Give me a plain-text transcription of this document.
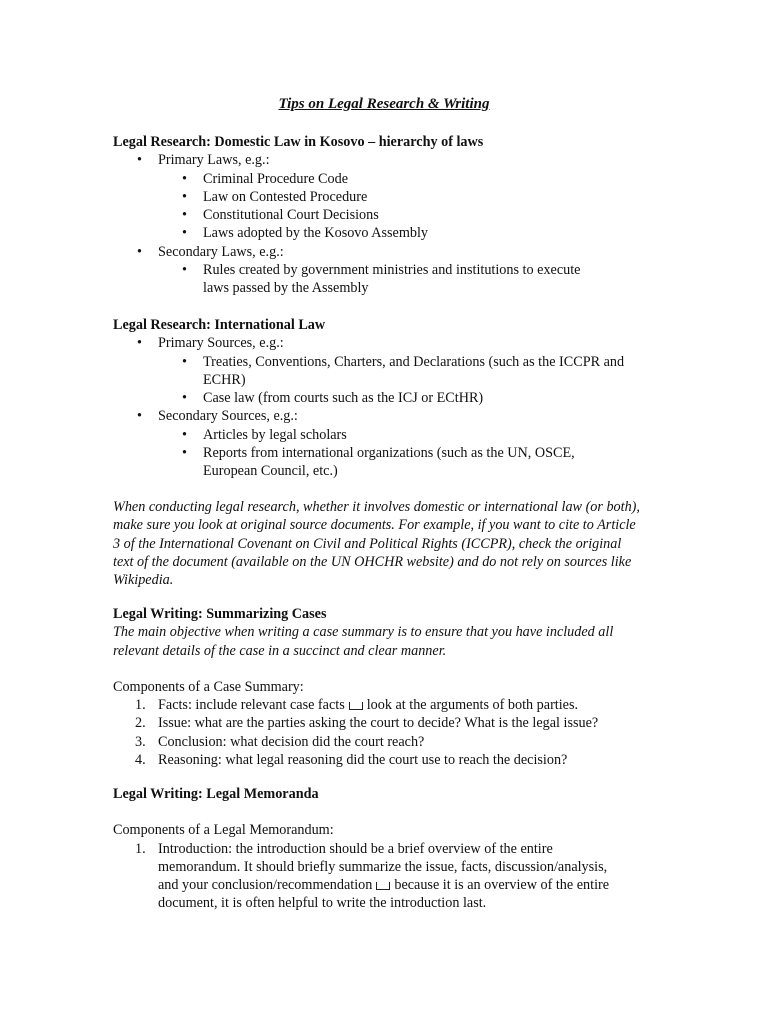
Tips on Legal Research & Writing
Legal Research: Domestic Law in Kosovo – hierarchy of laws
• Primary Laws, e.g.:
• Criminal Procedure Code
• Law on Contested Procedure
• Constitutional Court Decisions
• Laws adopted by the Kosovo Assembly
• Secondary Laws, e.g.:
• Rules created by government ministries and institutions to execute laws passed by the Assembly
Legal Research: International Law
• Primary Sources, e.g.:
• Treaties, Conventions, Charters, and Declarations (such as the ICCPR and ECHR)
• Case law (from courts such as the ICJ or ECtHR)
• Secondary Sources, e.g.:
• Articles by legal scholars
• Reports from international organizations (such as the UN, OSCE, European Council, etc.)
When conducting legal research, whether it involves domestic or international law (or both), make sure you look at original source documents. For example, if you want to cite to Article 3 of the International Covenant on Civil and Political Rights (ICCPR), check the original text of the document (available on the UN OHCHR website) and do not rely on sources like Wikipedia.
Legal Writing: Summarizing Cases
The main objective when writing a case summary is to ensure that you have included all relevant details of the case in a succinct and clear manner.
Components of a Case Summary:
1. Facts: include relevant case facts look at the arguments of both parties.
2. Issue: what are the parties asking the court to decide? What is the legal issue?
3. Conclusion: what decision did the court reach?
4. Reasoning: what legal reasoning did the court use to reach the decision?
Legal Writing: Legal Memoranda
Components of a Legal Memorandum:
1. Introduction: the introduction should be a brief overview of the entire memorandum. It should briefly summarize the issue, facts, discussion/analysis, and your conclusion/recommendation because it is an overview of the entire document, it is often helpful to write the introduction last.
